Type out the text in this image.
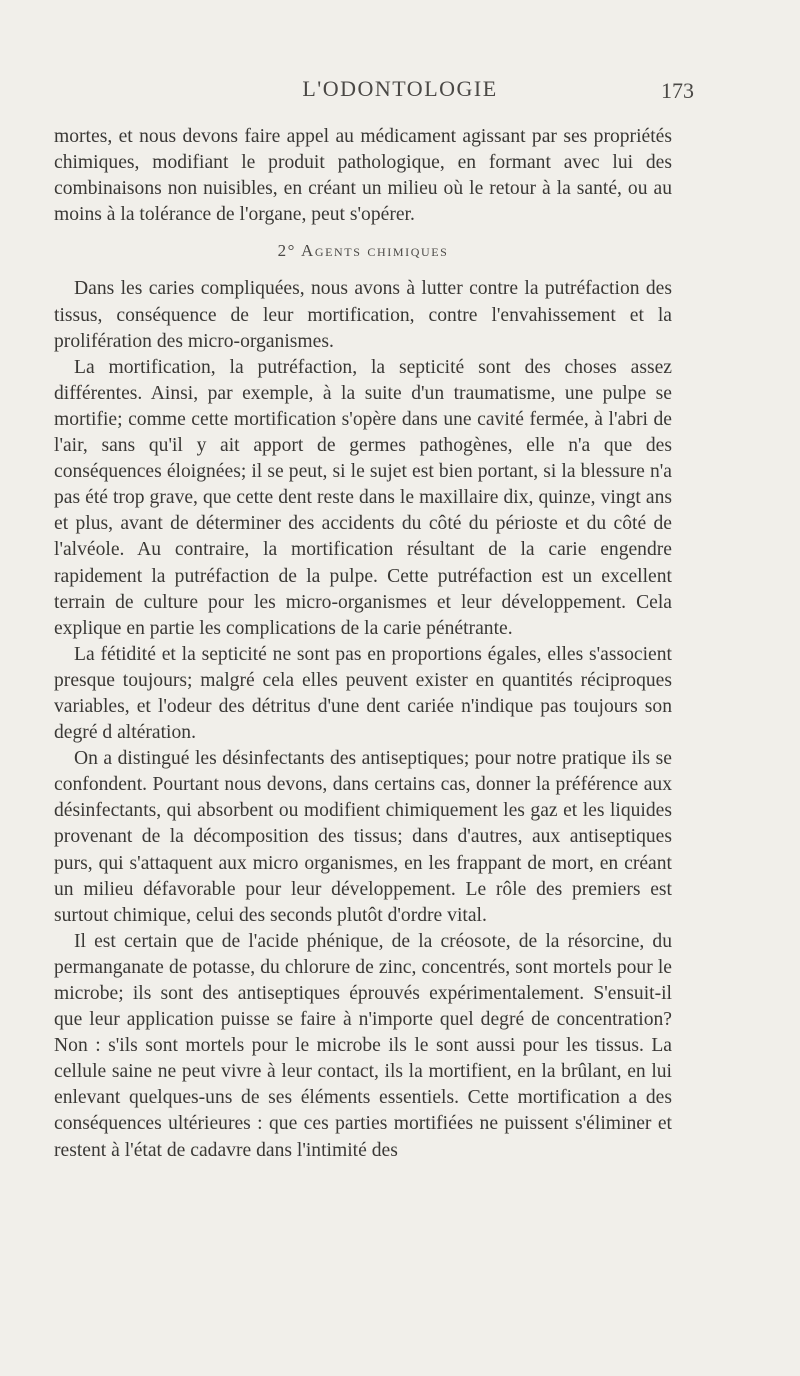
L'ODONTOLOGIE	173

mortes, et nous devons faire appel au médicament agissant par ses propriétés chimiques, modifiant le produit pathologique, en formant avec lui des combinaisons non nuisibles, en créant un milieu où le retour à la santé, ou au moins à la tolérance de l'organe, peut s'opérer.

2° Agents chimiques

Dans les caries compliquées, nous avons à lutter contre la putréfaction des tissus, conséquence de leur mortification, contre l'envahissement et la prolifération des micro-organismes.

La mortification, la putréfaction, la septicité sont des choses assez différentes. Ainsi, par exemple, à la suite d'un traumatisme, une pulpe se mortifie; comme cette mortification s'opère dans une cavité fermée, à l'abri de l'air, sans qu'il y ait apport de germes pathogènes, elle n'a que des conséquences éloignées; il se peut, si le sujet est bien portant, si la blessure n'a pas été trop grave, que cette dent reste dans le maxillaire dix, quinze, vingt ans et plus, avant de déterminer des accidents du côté du périoste et du côté de l'alvéole. Au contraire, la mortification résultant de la carie engendre rapidement la putréfaction de la pulpe. Cette putréfaction est un excellent terrain de culture pour les micro-organismes et leur développement. Cela explique en partie les complications de la carie pénétrante.

La fétidité et la septicité ne sont pas en proportions égales, elles s'associent presque toujours; malgré cela elles peuvent exister en quantités réciproques variables, et l'odeur des détritus d'une dent cariée n'indique pas toujours son degré d altération.

On a distingué les désinfectants des antiseptiques; pour notre pratique ils se confondent. Pourtant nous devons, dans certains cas, donner la préférence aux désinfectants, qui absorbent ou modifient chimiquement les gaz et les liquides provenant de la décomposition des tissus; dans d'autres, aux antiseptiques purs, qui s'attaquent aux micro organismes, en les frappant de mort, en créant un milieu défavorable pour leur développement. Le rôle des premiers est surtout chimique, celui des seconds plutôt d'ordre vital.

Il est certain que de l'acide phénique, de la créosote, de la résorcine, du permanganate de potasse, du chlorure de zinc, concentrés, sont mortels pour le microbe; ils sont des antiseptiques éprouvés expérimentalement. S'ensuit-il que leur application puisse se faire à n'importe quel degré de concentration? Non : s'ils sont mortels pour le microbe ils le sont aussi pour les tissus. La cellule saine ne peut vivre à leur contact, ils la mortifient, en la brûlant, en lui enlevant quelques-uns de ses éléments essentiels. Cette mortification a des conséquences ultérieures : que ces parties mortifiées ne puissent s'éliminer et restent à l'état de cadavre dans l'intimité des
